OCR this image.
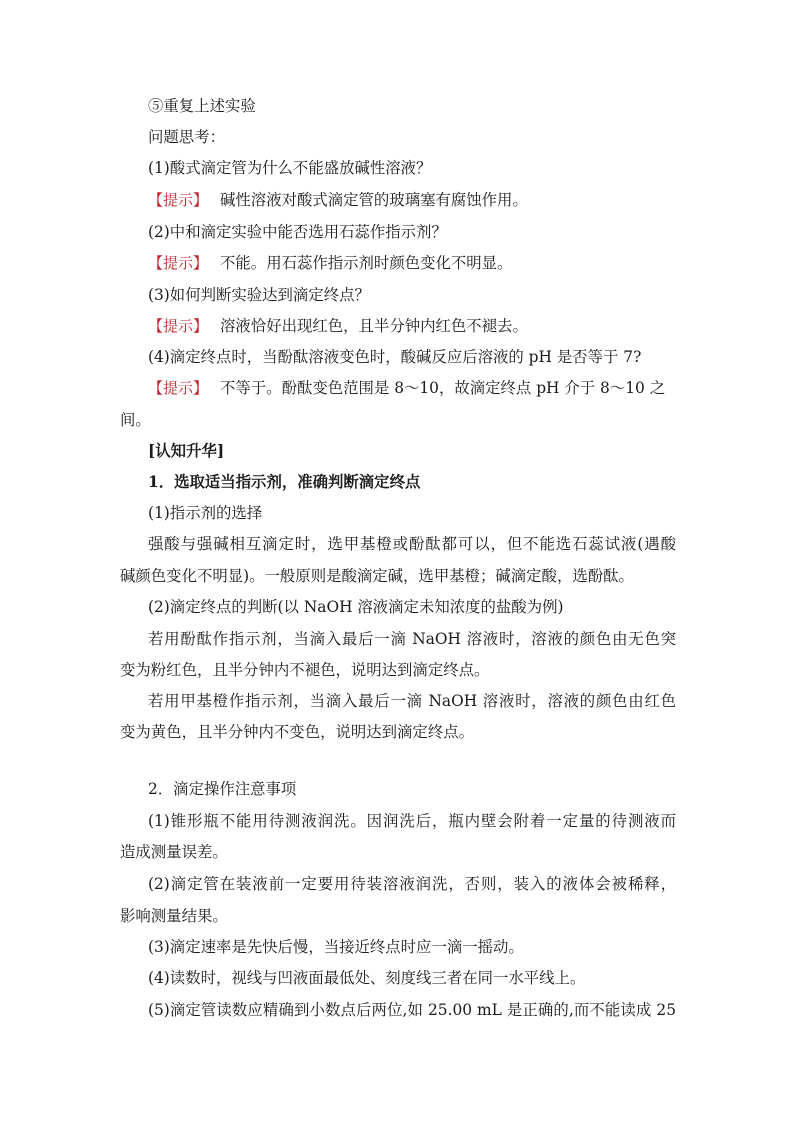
⑤重复上述实验
问题思考：
(1)酸式滴定管为什么不能盛放碱性溶液？
【提示】 碱性溶液对酸式滴定管的玻璃塞有腐蚀作用。
(2)中和滴定实验中能否选用石蕊作指示剂？
【提示】 不能。用石蕊作指示剂时颜色变化不明显。
(3)如何判断实验达到滴定终点？
【提示】 溶液恰好出现红色，且半分钟内红色不褪去。
(4)滴定终点时，当酚酞溶液变色时，酸碱反应后溶液的 pH 是否等于 7?
【提示】 不等于。酚酞变色范围是 8～10，故滴定终点 pH 介于 8～10 之
间。
[认知升华]
1．选取适当指示剂，准确判断滴定终点
(1)指示剂的选择
强酸与强碱相互滴定时，选甲基橙或酚酞都可以，但不能选石蕊试液(遇酸
碱颜色变化不明显)。一般原则是酸滴定碱，选甲基橙；碱滴定酸，选酚酞。
(2)滴定终点的判断(以 NaOH 溶液滴定未知浓度的盐酸为例)
若用酚酞作指示剂，当滴入最后一滴 NaOH 溶液时，溶液的颜色由无色突
变为粉红色，且半分钟内不褪色，说明达到滴定终点。
若用甲基橙作指示剂，当滴入最后一滴 NaOH 溶液时，溶液的颜色由红色
变为黄色，且半分钟内不变色，说明达到滴定终点。
2．滴定操作注意事项
(1)锥形瓶不能用待测液润洗。因润洗后，瓶内壁会附着一定量的待测液而
造成测量误差。
(2)滴定管在装液前一定要用待装溶液润洗，否则，装入的液体会被稀释，
影响测量结果。
(3)滴定速率是先快后慢，当接近终点时应一滴一摇动。
(4)读数时，视线与凹液面最低处、刻度线三者在同一水平线上。
(5)滴定管读数应精确到小数点后两位,如 25.00 mL 是正确的,而不能读成 25
